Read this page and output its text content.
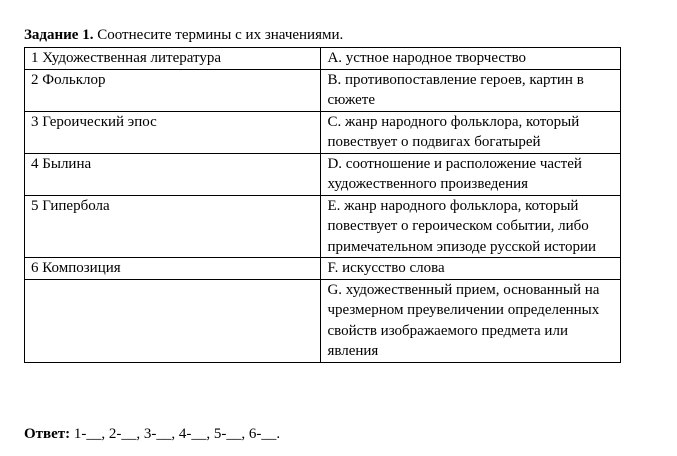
Задание 1. Соотнесите термины с их значениями.
1 Художественная литература	A. устное народное творчество
2 Фольклор	B. противопоставление героев, картин в сюжете
3 Героический эпос	C. жанр народного фольклора, который повествует о подвигах богатырей
4 Былина	D. соотношение и расположение частей художественного произведения
5 Гипербола	E. жанр народного фольклора, который повествует о героическом событии, либо примечательном эпизоде русской истории
6 Композиция	F. искусство слова
	G. художественный прием, основанный на чрезмерном преувеличении определенных свойств изображаемого предмета или явления
Ответ: 1-__, 2-__, 3-__, 4-__, 5-__, 6-__.
